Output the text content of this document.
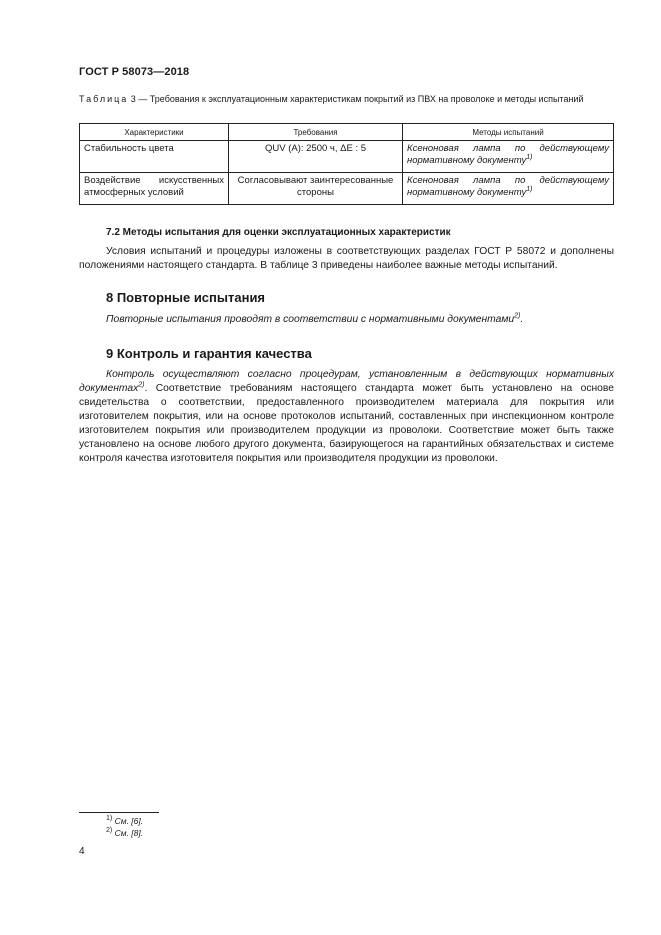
ГОСТ Р 58073—2018
Таблица 3 — Требования к эксплуатационным характеристикам покрытий из ПВХ на проволоке и методы испытаний
Характеристики	Требования	Методы испытаний
Стабильность цвета	QUV (A): 2500 ч, ΔE : 5	Ксеноновая лампа по действующему нормативному документу$^{1)}$
Воздействие искусственных атмосферных условий	Согласовывают заинтересованные стороны	Ксеноновая лампа по действующему нормативному документу$^{1)}$
7.2 Методы испытания для оценки эксплуатационных характеристик
Условия испытаний и процедуры изложены в соответствующих разделах ГОСТ Р 58072 и дополнены положениями настоящего стандарта. В таблице 3 приведены наиболее важные методы испытаний.
8 Повторные испытания
Повторные испытания проводят в соответствии с нормативными документами$^{2)}$.
9 Контроль и гарантия качества
Контроль осуществляют согласно процедурам, установленным в действующих нормативных документах$^{2)}$. Соответствие требованиям настоящего стандарта может быть установлено на основе свидетельства о соответствии, предоставленного производителем материала для покрытия или изготовителем покрытия, или на основе протоколов испытаний, составленных при инспекционном контроле изготовителем покрытия или производителем продукции из проволоки. Соответствие может быть также установлено на основе любого другого документа, базирующегося на гарантийных обязательствах и системе контроля качества изготовителя покрытия или производителя продукции из проволоки.
$^{1)}$ См. [6].
$^{2)}$ См. [8].
4
